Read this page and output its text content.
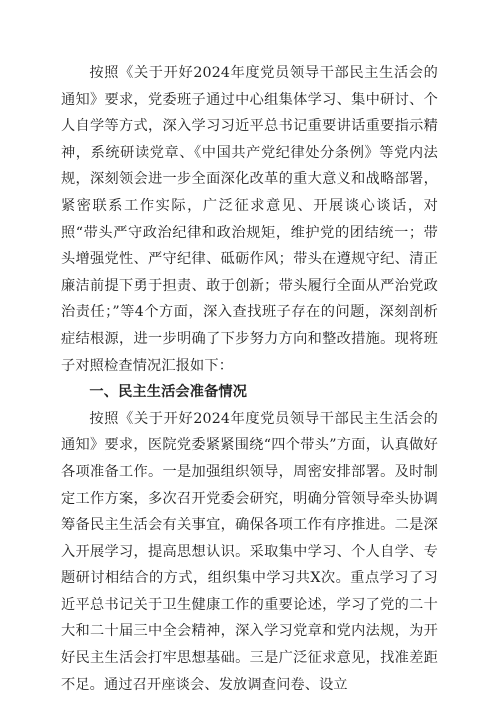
按照《关于开好2024年度党员领导干部民主生活会的通知》要求，党委班子通过中心组集体学习、集中研讨、个人自学等方式，深入学习习近平总书记重要讲话重要指示精神，系统研读党章、《中国共产党纪律处分条例》等党内法规，深刻领会进一步全面深化改革的重大意义和战略部署，紧密联系工作实际，广泛征求意见、开展谈心谈话，对照“带头严守政治纪律和政治规矩，维护党的团结统一；带头增强党性、严守纪律、砥砺作风；带头在遵规守纪、清正廉洁前提下勇于担责、敢于创新；带头履行全面从严治党政治责任；”等4个方面，深入查找班子存在的问题，深刻剖析症结根源，进一步明确了下步努力方向和整改措施。现将班子对照检查情况汇报如下：

一、民主生活会准备情况

按照《关于开好2024年度党员领导干部民主生活会的通知》要求，医院党委紧紧围绕“四个带头”方面，认真做好各项准备工作。一是加强组织领导，周密安排部署。及时制定工作方案，多次召开党委会研究，明确分管领导牵头协调筹备民主生活会有关事宜，确保各项工作有序推进。二是深入开展学习，提高思想认识。采取集中学习、个人自学、专题研讨相结合的方式，组织集中学习共X次。重点学习了习近平总书记关于卫生健康工作的重要论述，学习了党的二十大和二十届三中全会精神，深入学习党章和党内法规，为开好民主生活会打牢思想基础。三是广泛征求意见，找准差距不足。通过召开座谈会、发放调查问卷、设立
